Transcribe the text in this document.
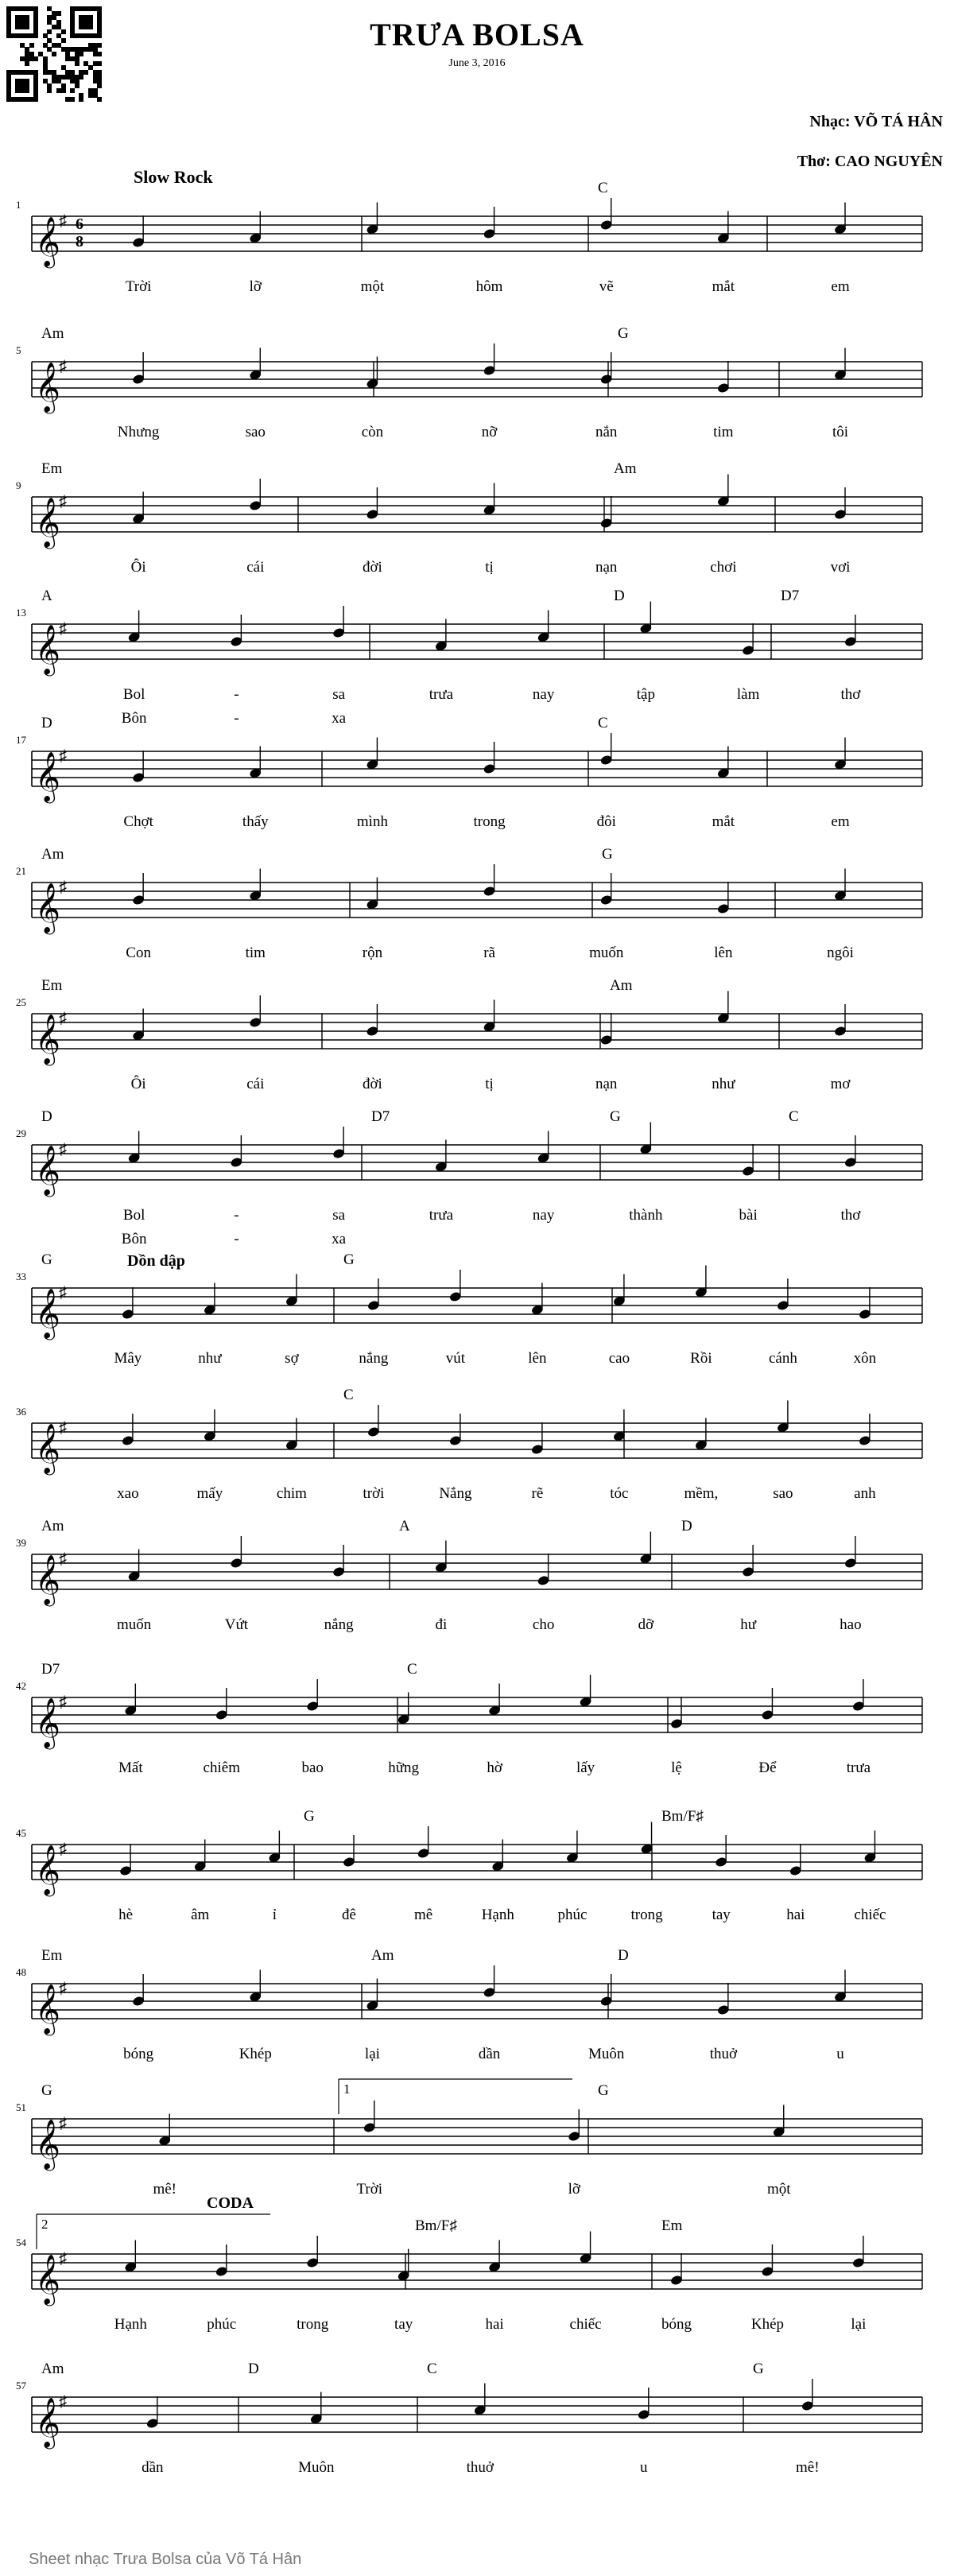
TRƯA BOLSA
June 3, 2016
Nhạc: VÕ TÁ HÂN
Thơ: CAO NGUYÊN
Slow Rock
𝄞
♯
1
C
Trời	lỡ	một	hôm	vẽ	mắt	em
𝄞
♯
5
Am	G
Nhưng	sao	còn	nỡ	nắn	tim	tôi
𝄞
♯
9
Em	Am
Ôi	cái	đời	tị	nạn	chơi	vơi
𝄞
♯
13
A	D	D7
Bol	-	sa	trưa	nay	tập	làm	thơ
Bôn	-	xa
𝄞
♯
17
D	C
Chợt	thấy	mình	trong	đôi	mắt	em
𝄞
♯
21
Am	G
Con	tim	rộn	rã	muốn	lên	ngôi
𝄞
♯
25
Em	Am
Ôi	cái	đời	tị	nạn	như	mơ
𝄞
♯
29
D	D7	G	C
Bol	-	sa	trưa	nay	thành	bài	thơ
Bôn	-	xa
𝄞
♯
33
G	G
Dồn dập
Mây	như	sợ	nắng	vút	lên	cao	Rồi	cánh	xôn
𝄞
♯
36
C
xao	mấy	chim	trời	Nắng	rẽ	tóc	mềm,	sao	anh
𝄞
♯
39
Am	A	D
muốn	Vứt	nắng	đi	cho	dỡ	hư	hao
𝄞
♯
42
D7	C
Mất	chiêm	bao	hững	hờ	lấy	lệ	Để	trưa
𝄞
♯
45
G	Bm/F♯
hè	âm	ỉ	đê	mê	Hạnh	phúc	trong	tay	hai	chiếc
𝄞
♯
48
Em	Am	D
bóng	Khép	lại	dần	Muôn	thuở	u
𝄞
♯
51
G	G
1
mê!	Trời	lỡ	một
𝄞
♯
54
Bm/F♯	Em
2
CODA
Hạnh	phúc	trong	tay	hai	chiếc	bóng	Khép	lại
𝄞
♯
57
Am	D	C	G
dần	Muôn	thuở	u	mê!
6
8
Sheet nhạc Trưa Bolsa của Võ Tá Hân
